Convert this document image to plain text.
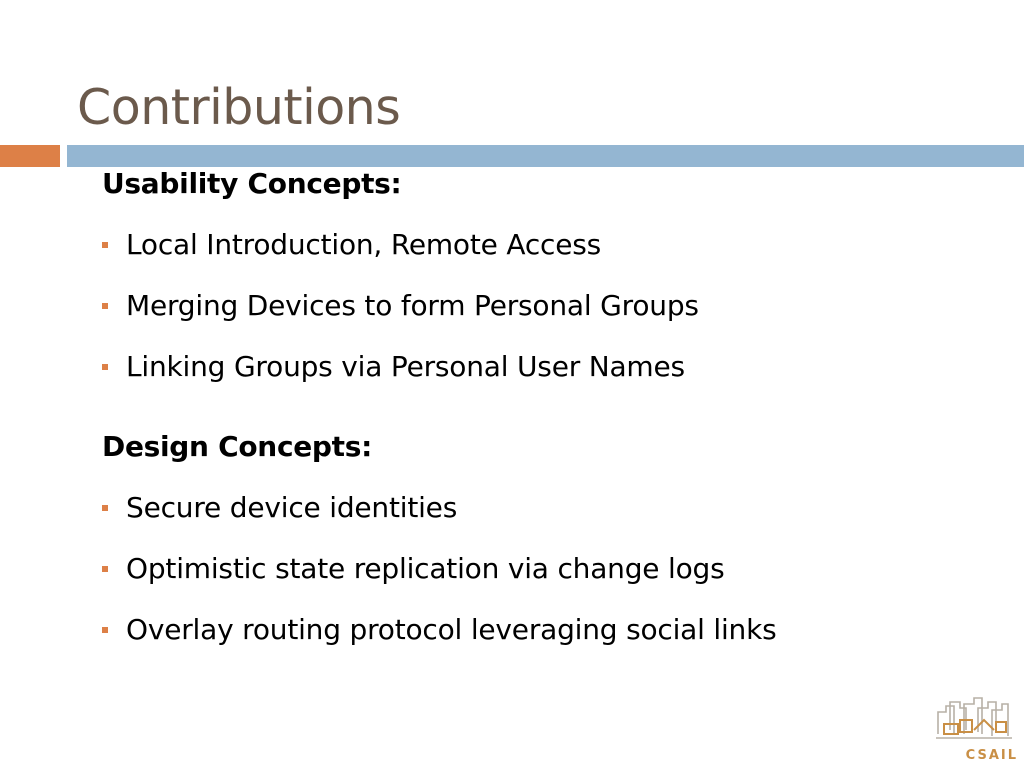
Contributions
Usability Concepts:
Local Introduction, Remote Access
Merging Devices to form Personal Groups
Linking Groups via Personal User Names
Design Concepts:
Secure device identities
Optimistic state replication via change logs
Overlay routing protocol leveraging social links
CSAIL
